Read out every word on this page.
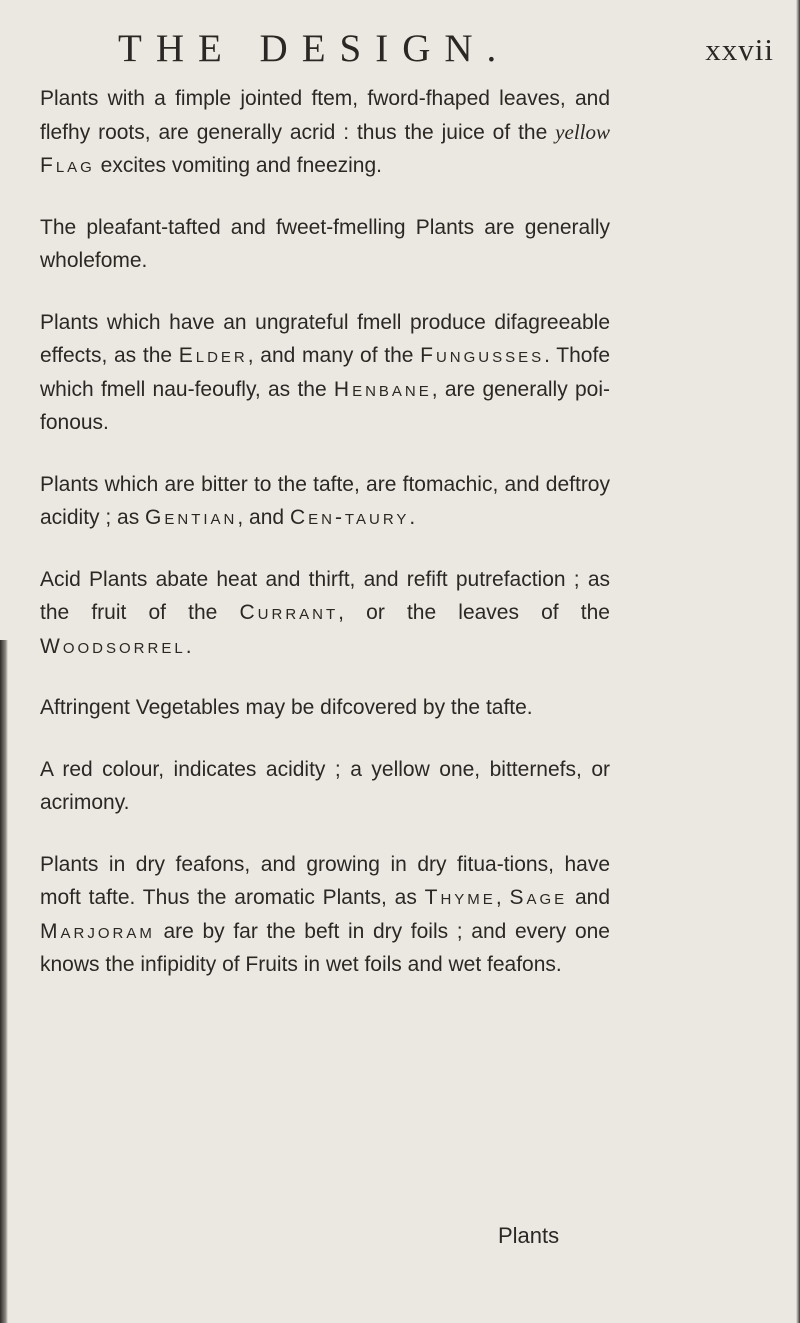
THE DESIGN.	xxvii

Plants with a fimple jointed ftem, fword-fhaped leaves, and flefhy roots, are generally acrid : thus the juice of the yellow Flag excites vomiting and fneezing.

The pleafant-tafted and fweet-fmelling Plants are generally wholefome.

Plants which have an ungrateful fmell produce difagreeable effects, as the Elder, and many of the Fungusses. Thofe which fmell nau-feoufly, as the Henbane, are generally poi-fonous.

Plants which are bitter to the tafte, are ftomachic, and deftroy acidity ; as Gentian, and Cen-taury.

Acid Plants abate heat and thirft, and refift putrefaction ; as the fruit of the Currant, or the leaves of the Woodsorrel.

Aftringent Vegetables may be difcovered by the tafte.

A red colour, indicates acidity ; a yellow one, bitternefs, or acrimony.

Plants in dry feafons, and growing in dry fitua-tions, have moft tafte. Thus the aromatic Plants, as Thyme, Sage and Marjoram are by far the beft in dry foils ; and every one knows the infipidity of Fruits in wet foils and wet feafons.

Plants
